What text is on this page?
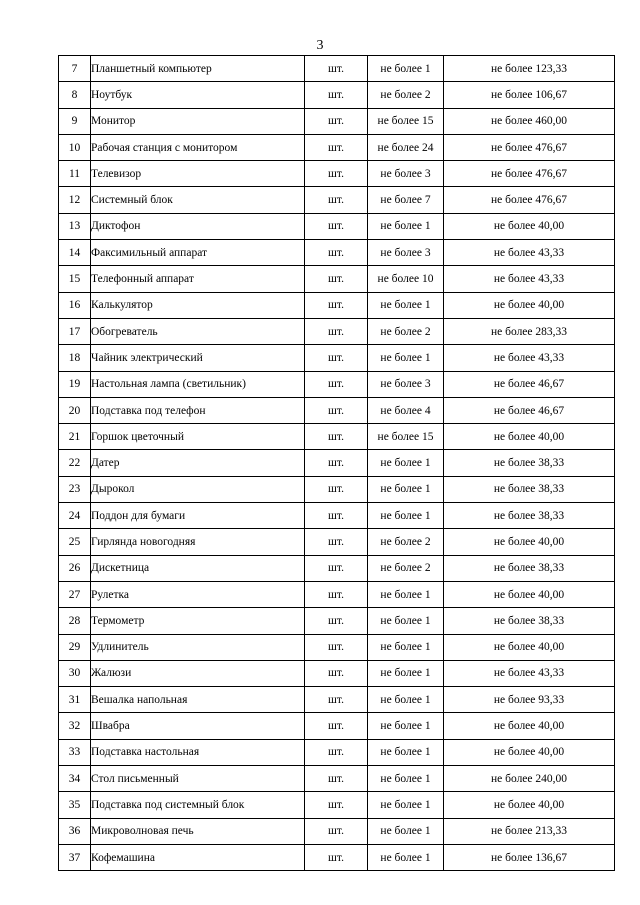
3
7	Планшетный компьютер	шт.	не более 1	не более 123,33
8	Ноутбук	шт.	не более 2	не более 106,67
9	Монитор	шт.	не более 15	не более 460,00
10	Рабочая станция с монитором	шт.	не более 24	не более 476,67
11	Телевизор	шт.	не более 3	не более 476,67
12	Системный блок	шт.	не более 7	не более 476,67
13	Диктофон	шт.	не более 1	не более 40,00
14	Факсимильный аппарат	шт.	не более 3	не более 43,33
15	Телефонный аппарат	шт.	не более 10	не более 43,33
16	Калькулятор	шт.	не более 1	не более 40,00
17	Обогреватель	шт.	не более 2	не более 283,33
18	Чайник электрический	шт.	не более 1	не более 43,33
19	Настольная лампа (светильник)	шт.	не более 3	не более 46,67
20	Подставка под телефон	шт.	не более 4	не более 46,67
21	Горшок цветочный	шт.	не более 15	не более 40,00
22	Датер	шт.	не более 1	не более 38,33
23	Дырокол	шт.	не более 1	не более 38,33
24	Поддон для бумаги	шт.	не более 1	не более 38,33
25	Гирлянда новогодняя	шт.	не более 2	не более 40,00
26	Дискетница	шт.	не более 2	не более 38,33
27	Рулетка	шт.	не более 1	не более 40,00
28	Термометр	шт.	не более 1	не более 38,33
29	Удлинитель	шт.	не более 1	не более 40,00
30	Жалюзи	шт.	не более 1	не более 43,33
31	Вешалка напольная	шт.	не более 1	не более 93,33
32	Швабра	шт.	не более 1	не более 40,00
33	Подставка настольная	шт.	не более 1	не более 40,00
34	Стол письменный	шт.	не более 1	не более 240,00
35	Подставка под системный блок	шт.	не более 1	не более 40,00
36	Микроволновая печь	шт.	не более 1	не более 213,33
37	Кофемашина	шт.	не более 1	не более 136,67
